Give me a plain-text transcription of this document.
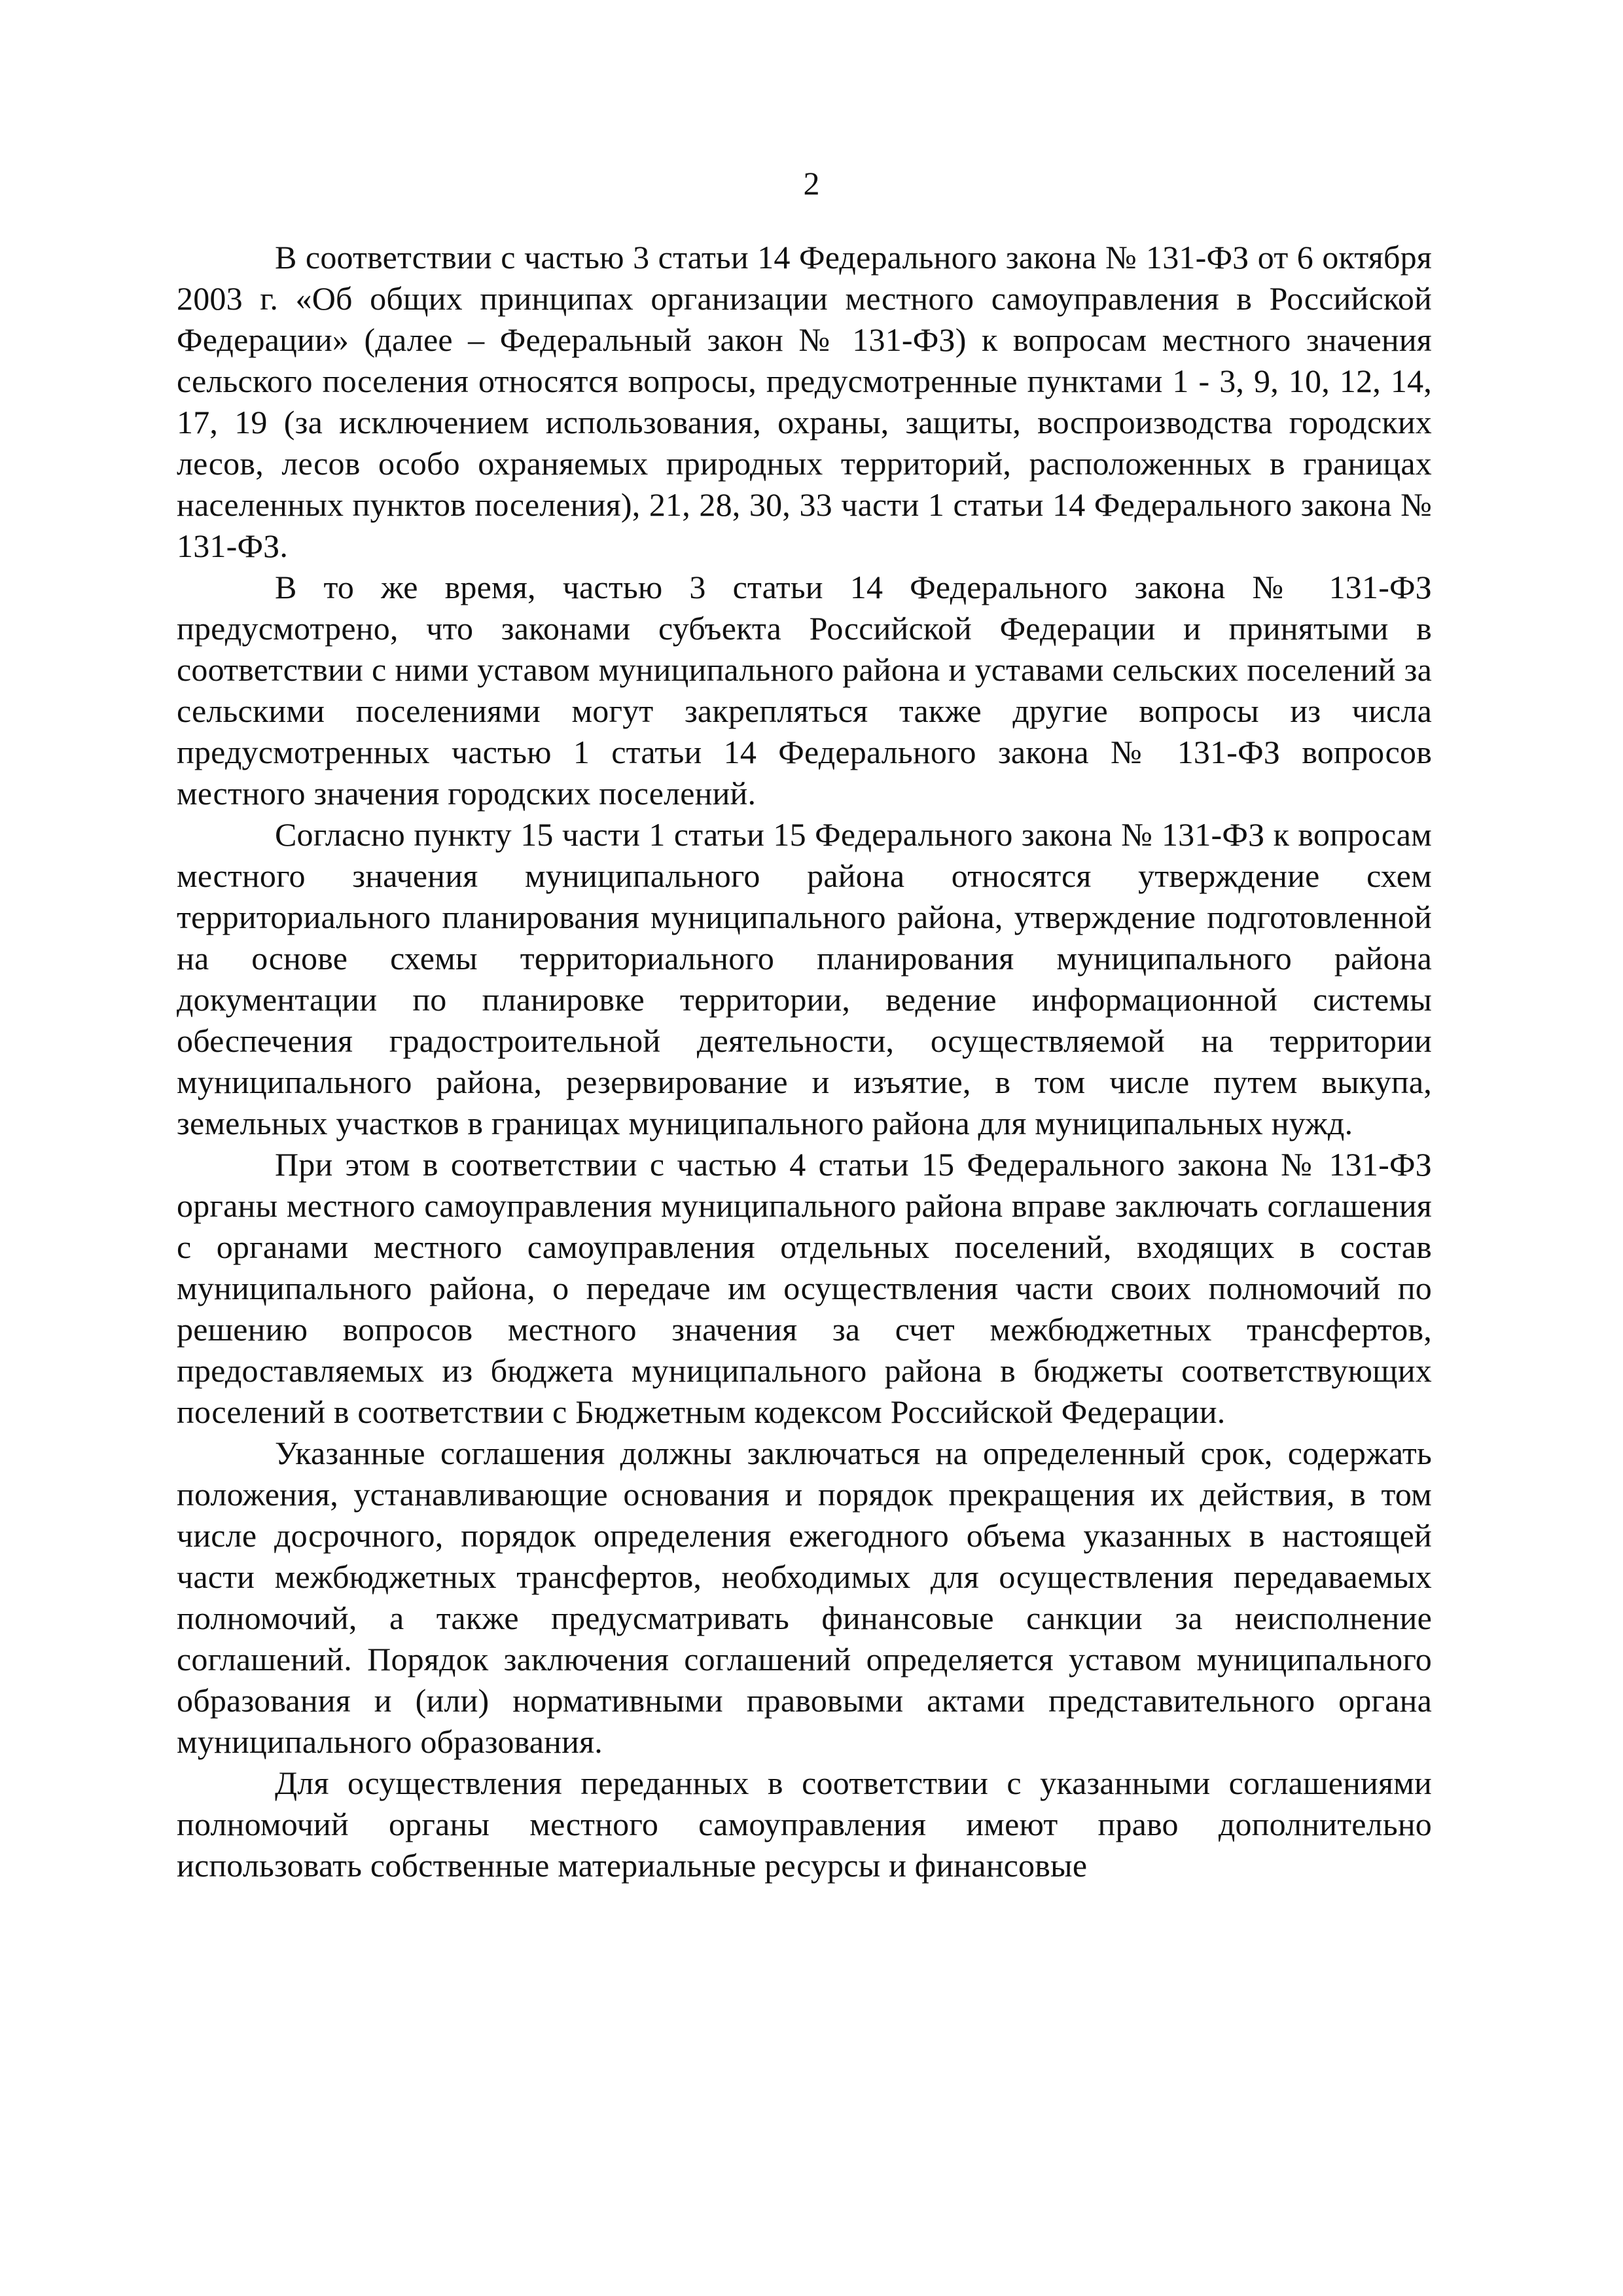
2

В соответствии с частью 3 статьи 14 Федерального закона № 131-ФЗ от 6 октября 2003 г. «Об общих принципах организации местного самоуправления в Российской Федерации» (далее – Федеральный закон № 131-ФЗ) к вопросам местного значения сельского поселения относятся вопросы, предусмотренные пунктами 1 - 3, 9, 10, 12, 14, 17, 19 (за исключением использования, охраны, защиты, воспроизводства городских лесов, лесов особо охраняемых природных территорий, расположенных в границах населенных пунктов поселения), 21, 28, 30, 33 части 1 статьи 14 Федерального закона № 131-ФЗ.

В то же время, частью 3 статьи 14 Федерального закона № 131-ФЗ предусмотрено, что законами субъекта Российской Федерации и принятыми в соответствии с ними уставом муниципального района и уставами сельских поселений за сельскими поселениями могут закрепляться также другие вопросы из числа предусмотренных частью 1 статьи 14 Федерального закона № 131-ФЗ вопросов местного значения городских поселений.

Согласно пункту 15 части 1 статьи 15 Федерального закона № 131-ФЗ к вопросам местного значения муниципального района относятся утверждение схем территориального планирования муниципального района, утверждение подготовленной на основе схемы территориального планирования муниципального района документации по планировке территории, ведение информационной системы обеспечения градостроительной деятельности, осуществляемой на территории муниципального района, резервирование и изъятие, в том числе путем выкупа, земельных участков в границах муниципального района для муниципальных нужд.

При этом в соответствии с частью 4 статьи 15 Федерального закона № 131-ФЗ органы местного самоуправления муниципального района вправе заключать соглашения с органами местного самоуправления отдельных поселений, входящих в состав муниципального района, о передаче им осуществления части своих полномочий по решению вопросов местного значения за счет межбюджетных трансфертов, предоставляемых из бюджета муниципального района в бюджеты соответствующих поселений в соответствии с Бюджетным кодексом Российской Федерации.

Указанные соглашения должны заключаться на определенный срок, содержать положения, устанавливающие основания и порядок прекращения их действия, в том числе досрочного, порядок определения ежегодного объема указанных в настоящей части межбюджетных трансфертов, необходимых для осуществления передаваемых полномочий, а также предусматривать финансовые санкции за неисполнение соглашений. Порядок заключения соглашений определяется уставом муниципального образования и (или) нормативными правовыми актами представительного органа муниципального образования.

Для осуществления переданных в соответствии с указанными соглашениями полномочий органы местного самоуправления имеют право дополнительно использовать собственные материальные ресурсы и финансовые
